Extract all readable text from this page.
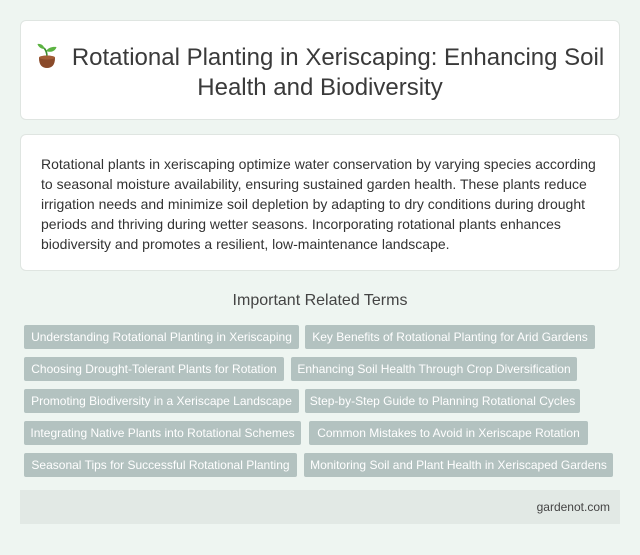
Rotational Planting in Xeriscaping: Enhancing Soil
Health and Biodiversity

Rotational plants in xeriscaping optimize water conservation by varying species according to seasonal moisture availability, ensuring sustained garden health. These plants reduce irrigation needs and minimize soil depletion by adapting to dry conditions during drought periods and thriving during wetter seasons. Incorporating rotational plants enhances biodiversity and promotes a resilient, low-maintenance landscape.

Important Related Terms
Understanding Rotational Planting in Xeriscaping	Key Benefits of Rotational Planting for Arid Gardens
Choosing Drought-Tolerant Plants for Rotation	Enhancing Soil Health Through Crop Diversification
Promoting Biodiversity in a Xeriscape Landscape	Step-by-Step Guide to Planning Rotational Cycles
Integrating Native Plants into Rotational Schemes	Common Mistakes to Avoid in Xeriscape Rotation
Seasonal Tips for Successful Rotational Planting	Monitoring Soil and Plant Health in Xeriscaped Gardens
gardenot.com
